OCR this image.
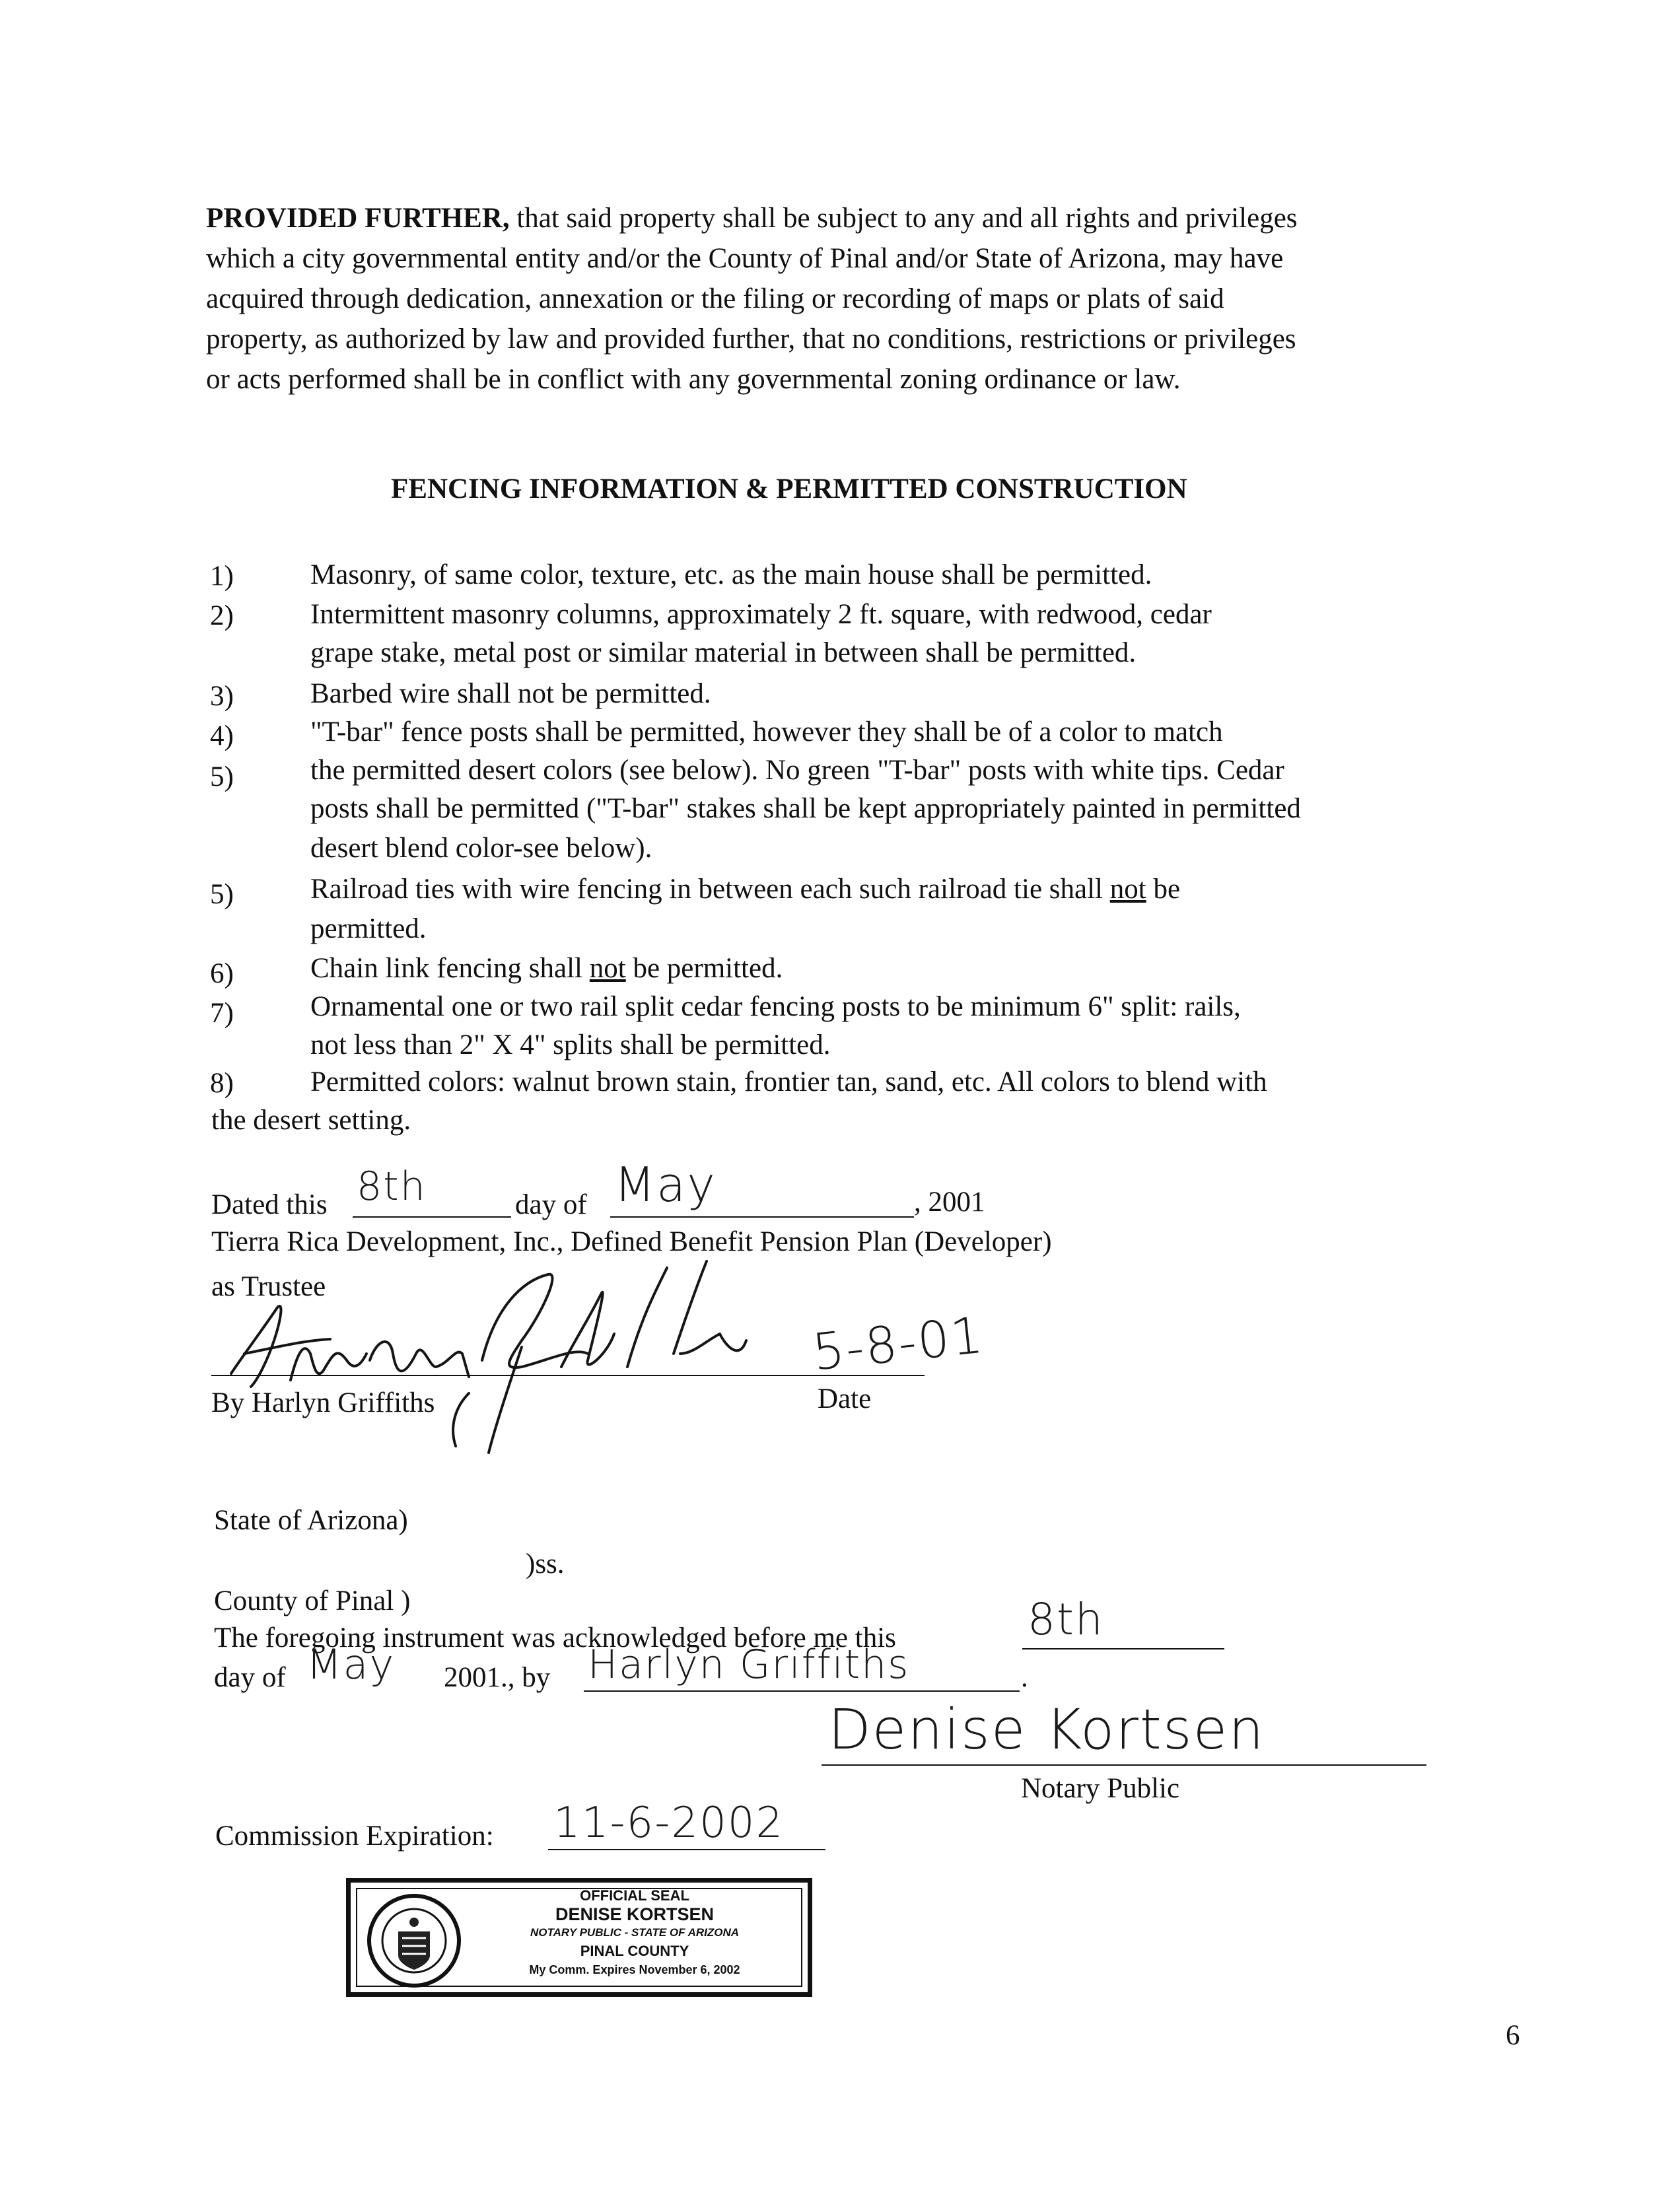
PROVIDED FURTHER, that said property shall be subject to any and all rights and privileges
which a city governmental entity and/or the County of Pinal and/or State of Arizona, may have
acquired through dedication, annexation or the filing or recording of maps or plats of said
property, as authorized by law and provided further, that no conditions, restrictions or privileges
or acts performed shall be in conflict with any governmental zoning ordinance or law.
FENCING INFORMATION & PERMITTED CONSTRUCTION
1)	Masonry, of same color, texture, etc. as the main house shall be permitted.
2)	Intermittent masonry columns, approximately 2 ft. square, with redwood, cedar
grape stake, metal post or similar material in between shall be permitted.
3)	Barbed wire shall not be permitted.
4)	"T-bar" fence posts shall be permitted, however they shall be of a color to match
5)	the permitted desert colors (see below). No green "T-bar" posts with white tips. Cedar
posts shall be permitted ("T-bar" stakes shall be kept appropriately painted in permitted
desert blend color-see below).
5)	Railroad ties with wire fencing in between each such railroad tie shall not be
permitted.
6)	Chain link fencing shall not be permitted.
7)	Ornamental one or two rail split cedar fencing posts to be minimum 6" split: rails,
not less than 2" X 4" splits shall be permitted.
8)	Permitted colors: walnut brown stain, frontier tan, sand, etc. All colors to blend with
the desert setting.
Dated this 8th	day of May	, 2001
Tierra Rica Development, Inc., Defined Benefit Pension Plan (Developer)
as Trustee
5-8-01
By Harlyn Griffiths	Date
State of Arizona)
)ss.
County of Pinal )
The foregoing instrument was acknowledged before me this	8th
day of May 2001., by Harlyn Griffiths	.
Denise Kortsen
Notary Public
Commission Expiration: 11-6-2002
OFFICIAL SEAL
DENISE KORTSEN
NOTARY PUBLIC - STATE OF ARIZONA
PINAL COUNTY
My Comm. Expires November 6, 2002
6
